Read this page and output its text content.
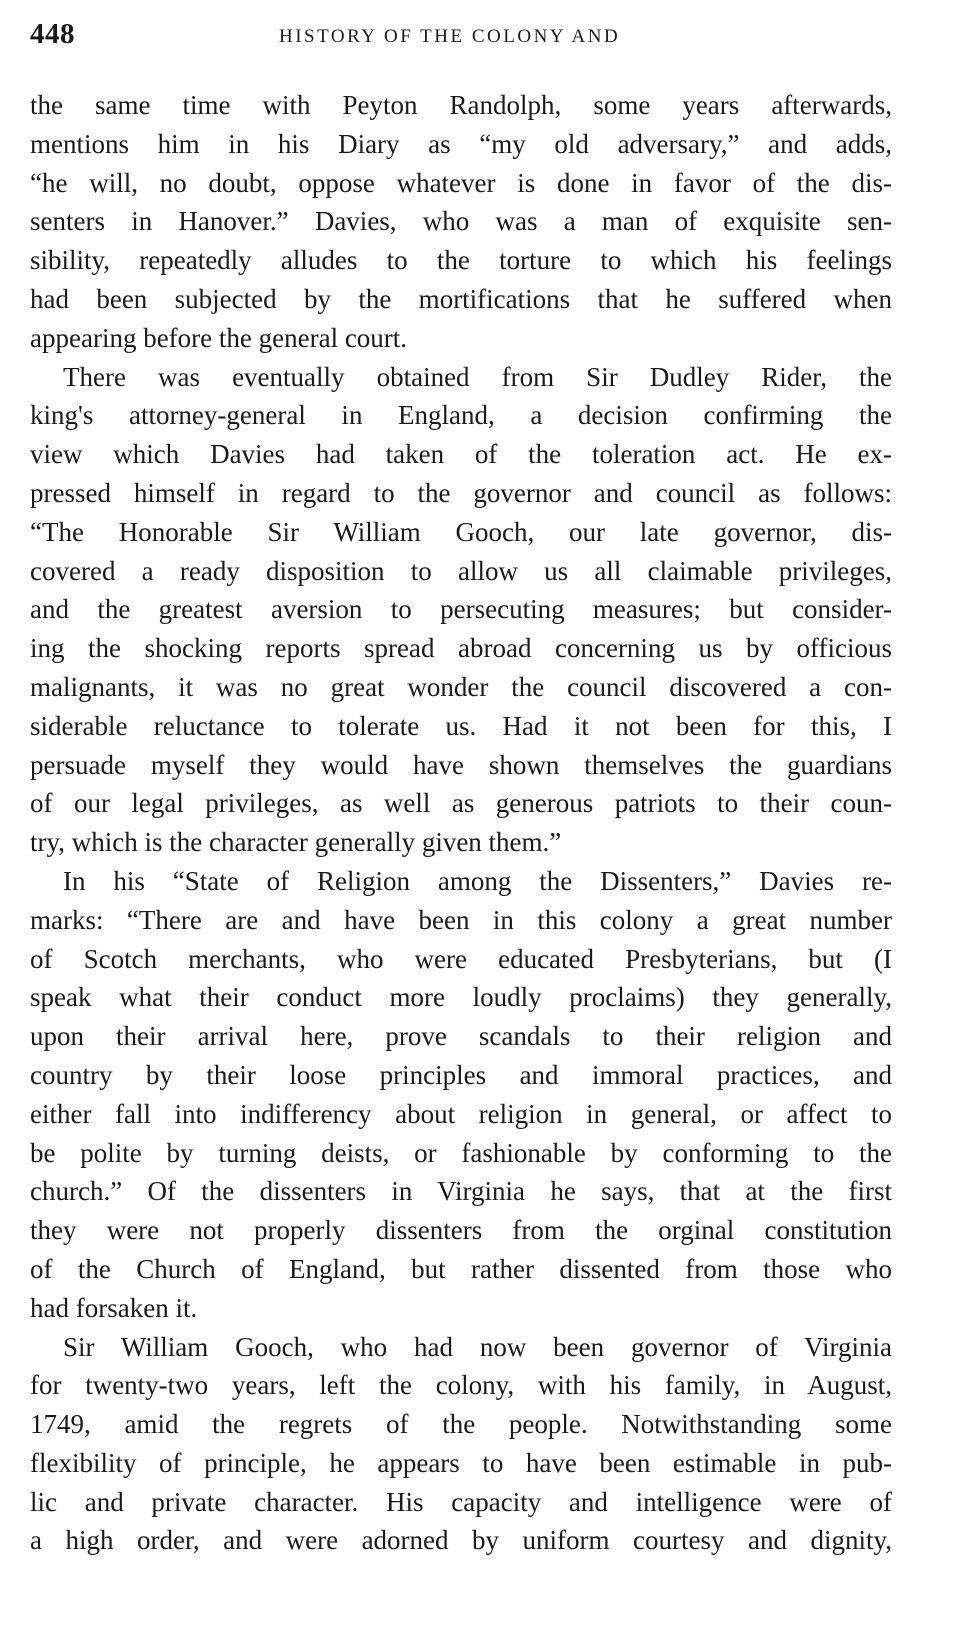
448	HISTORY OF THE COLONY AND
the same time with Peyton Randolph, some years afterwards,
mentions him in his Diary as “my old adversary,” and adds,
“he will, no doubt, oppose whatever is done in favor of the dis-
senters in Hanover.” Davies, who was a man of exquisite sen-
sibility, repeatedly alludes to the torture to which his feelings
had been subjected by the mortifications that he suffered when
appearing before the general court.
There was eventually obtained from Sir Dudley Rider, the
king's attorney-general in England, a decision confirming the
view which Davies had taken of the toleration act. He ex-
pressed himself in regard to the governor and council as follows:
“The Honorable Sir William Gooch, our late governor, dis-
covered a ready disposition to allow us all claimable privileges,
and the greatest aversion to persecuting measures; but consider-
ing the shocking reports spread abroad concerning us by officious
malignants, it was no great wonder the council discovered a con-
siderable reluctance to tolerate us. Had it not been for this, I
persuade myself they would have shown themselves the guardians
of our legal privileges, as well as generous patriots to their coun-
try, which is the character generally given them.”
In his “State of Religion among the Dissenters,” Davies re-
marks: “There are and have been in this colony a great number
of Scotch merchants, who were educated Presbyterians, but (I
speak what their conduct more loudly proclaims) they generally,
upon their arrival here, prove scandals to their religion and
country by their loose principles and immoral practices, and
either fall into indifferency about religion in general, or affect to
be polite by turning deists, or fashionable by conforming to the
church.” Of the dissenters in Virginia he says, that at the first
they were not properly dissenters from the orginal constitution
of the Church of England, but rather dissented from those who
had forsaken it.
Sir William Gooch, who had now been governor of Virginia
for twenty-two years, left the colony, with his family, in August,
1749, amid the regrets of the people. Notwithstanding some
flexibility of principle, he appears to have been estimable in pub-
lic and private character. His capacity and intelligence were of
a high order, and were adorned by uniform courtesy and dignity,
